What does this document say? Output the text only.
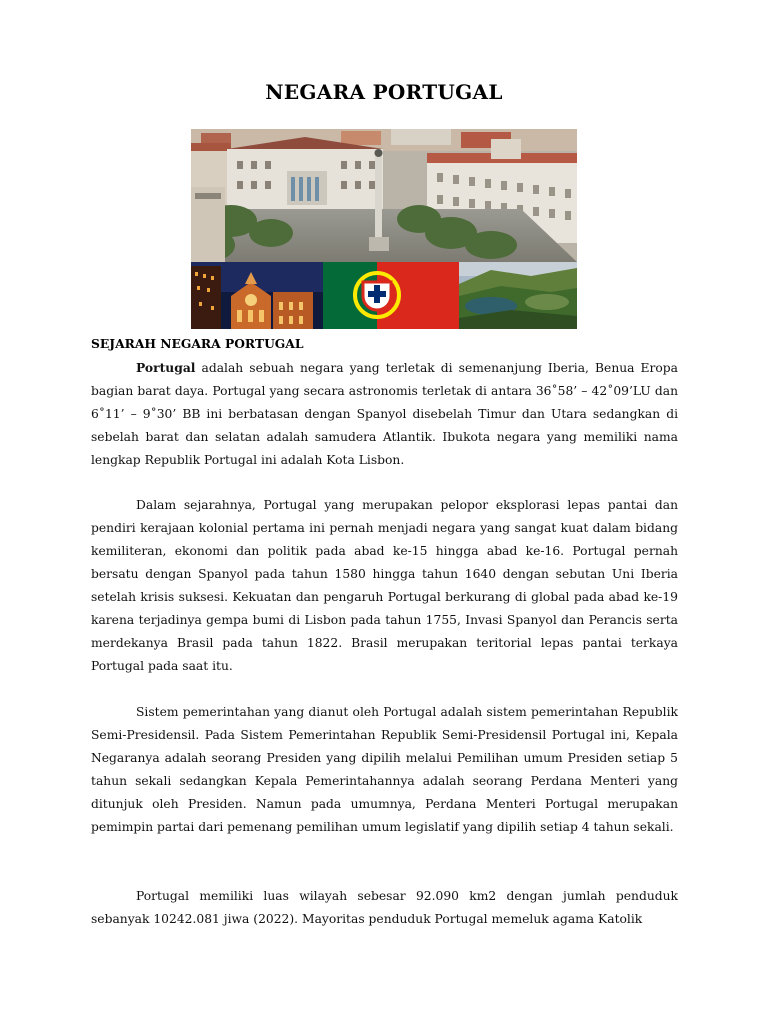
NEGARA PORTUGAL
SEJARAH NEGARA PORTUGAL

Portugal adalah sebuah negara yang terletak di semenanjung Iberia, Benua Eropa bagian barat daya. Portugal yang secara astronomis terletak di antara 36˚58’ – 42˚09’LU dan 6˚11’ – 9˚30’ BB ini berbatasan dengan Spanyol disebelah Timur dan Utara sedangkan di sebelah barat dan selatan adalah samudera Atlantik. Ibukota negara yang memiliki nama lengkap Republik Portugal ini adalah Kota Lisbon.

Dalam sejarahnya, Portugal yang merupakan pelopor eksplorasi lepas pantai dan pendiri kerajaan kolonial pertama ini pernah menjadi negara yang sangat kuat dalam bidang kemiliteran, ekonomi dan politik pada abad ke-15 hingga abad ke-16. Portugal pernah bersatu dengan Spanyol pada tahun 1580 hingga tahun 1640 dengan sebutan Uni Iberia setelah krisis suksesi. Kekuatan dan pengaruh Portugal berkurang di global pada abad ke-19 karena terjadinya gempa bumi di Lisbon pada tahun 1755, Invasi Spanyol dan Perancis serta merdekanya Brasil pada tahun 1822. Brasil merupakan teritorial lepas pantai terkaya Portugal pada saat itu.

Sistem pemerintahan yang dianut oleh Portugal adalah sistem pemerintahan Republik Semi-Presidensil. Pada Sistem Pemerintahan Republik Semi-Presidensil Portugal ini, Kepala Negaranya adalah seorang Presiden yang dipilih melalui Pemilihan umum Presiden setiap 5 tahun sekali sedangkan Kepala Pemerintahannya adalah seorang Perdana Menteri yang ditunjuk oleh Presiden. Namun pada umumnya, Perdana Menteri Portugal merupakan pemimpin partai dari pemenang pemilihan umum legislatif yang dipilih setiap 4 tahun sekali.

Portugal memiliki luas wilayah sebesar 92.090 km2 dengan jumlah penduduk sebanyak 10242.081 jiwa (2022). Mayoritas penduduk Portugal memeluk agama Katolik
